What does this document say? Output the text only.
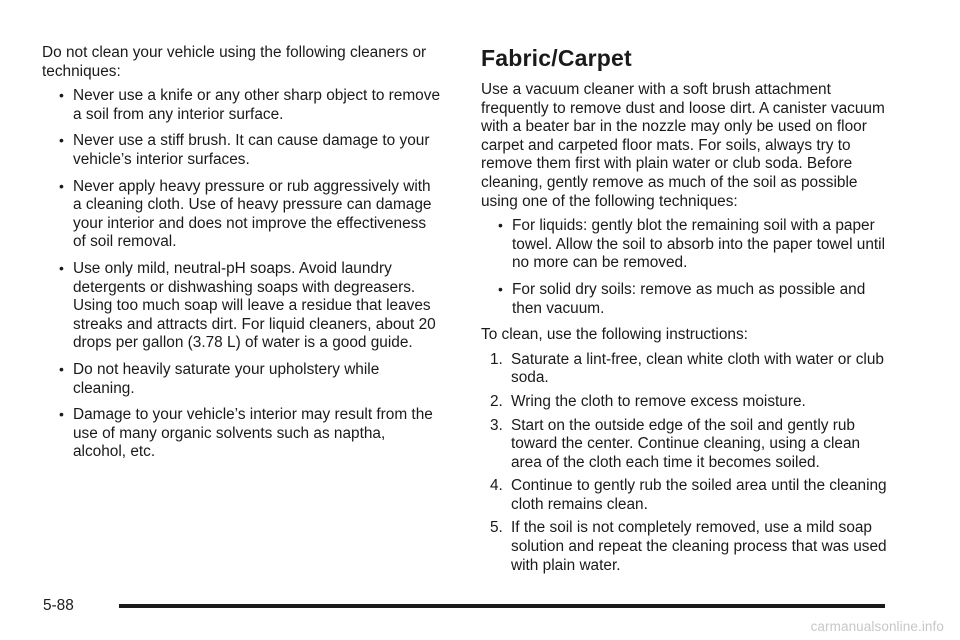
Do not clean your vehicle using the following cleaners or techniques:

• Never use a knife or any other sharp object to remove a soil from any interior surface.
• Never use a stiff brush. It can cause damage to your vehicle’s interior surfaces.
• Never apply heavy pressure or rub aggressively with a cleaning cloth. Use of heavy pressure can damage your interior and does not improve the effectiveness of soil removal.
• Use only mild, neutral-pH soaps. Avoid laundry detergents or dishwashing soaps with degreasers. Using too much soap will leave a residue that leaves streaks and attracts dirt. For liquid cleaners, about 20 drops per gallon (3.78 L) of water is a good guide.
• Do not heavily saturate your upholstery while cleaning.
• Damage to your vehicle’s interior may result from the use of many organic solvents such as naptha, alcohol, etc.
Fabric/Carpet

Use a vacuum cleaner with a soft brush attachment frequently to remove dust and loose dirt. A canister vacuum with a beater bar in the nozzle may only be used on floor carpet and carpeted floor mats. For soils, always try to remove them first with plain water or club soda. Before cleaning, gently remove as much of the soil as possible using one of the following techniques:

• For liquids: gently blot the remaining soil with a paper towel. Allow the soil to absorb into the paper towel until no more can be removed.
• For solid dry soils: remove as much as possible and then vacuum.

To clean, use the following instructions:

1. Saturate a lint-free, clean white cloth with water or club soda.
2. Wring the cloth to remove excess moisture.
3. Start on the outside edge of the soil and gently rub toward the center. Continue cleaning, using a clean area of the cloth each time it becomes soiled.
4. Continue to gently rub the soiled area until the cleaning cloth remains clean.
5. If the soil is not completely removed, use a mild soap solution and repeat the cleaning process that was used with plain water.
5-88
carmanualsonline.info
